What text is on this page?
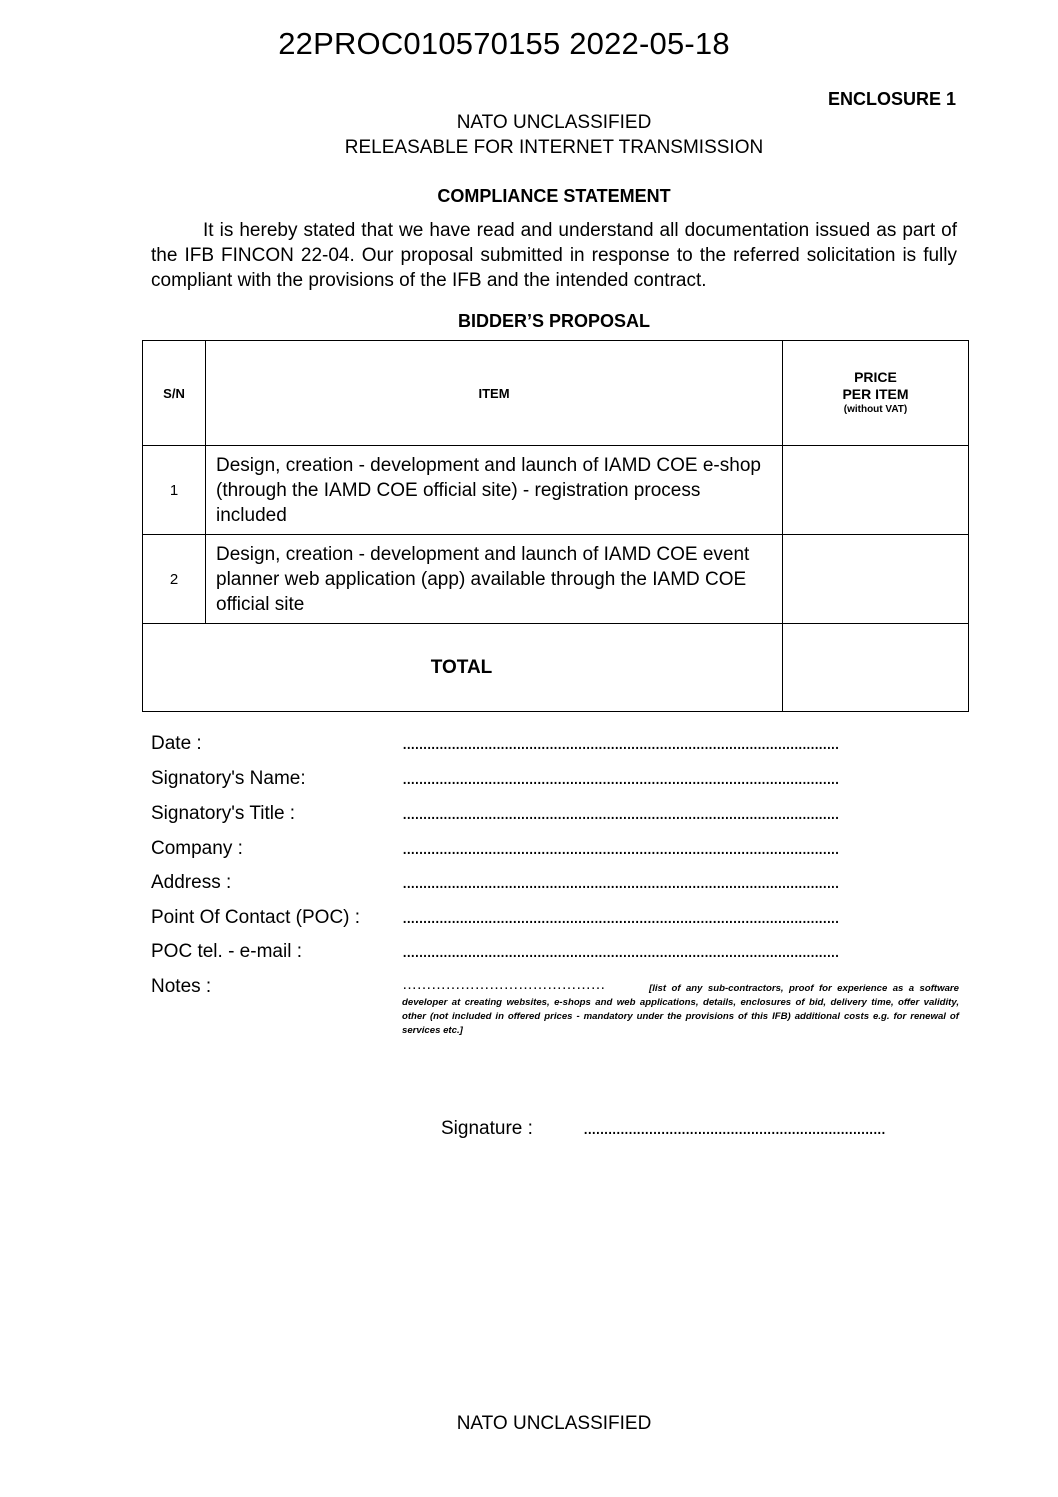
22PROC010570155 2022-05-18
ENCLOSURE 1
NATO UNCLASSIFIED
RELEASABLE FOR INTERNET TRANSMISSION
COMPLIANCE STATEMENT
It is hereby stated that we have read and understand all documentation issued as part of the IFB FINCON 22-04. Our proposal submitted in response to the referred solicitation is fully compliant with the provisions of the IFB and the intended contract.
BIDDER’S PROPOSAL
S/N	ITEM	PRICE
PER ITEM
(without VAT)

1	Design, creation - development and launch of IAMD COE e-shop (through the IAMD COE official site) - registration process included	
2	Design, creation - development and launch of IAMD COE event planner web application (app) available through the IAMD COE official site	
TOTAL		
Date :	...........................................................................................................
Signatory's Name:	...........................................................................................................
Signatory's Title :	...........................................................................................................
Company :	...........................................................................................................
Address :	...........................................................................................................
Point Of Contact (POC) : ...........................................................................................................
POC tel. - e-mail :	...........................................................................................................
Notes :	……………………………………	[list of any sub-contractors, proof for experience as a software developer at creating websites, e-shops and web applications, details, enclosures of bid, delivery time, offer validity, other (not included in offered prices - mandatory under the provisions of this IFB) additional costs e.g. for renewal of services etc.]
Signature :	..........................................................................
NATO UNCLASSIFIED
